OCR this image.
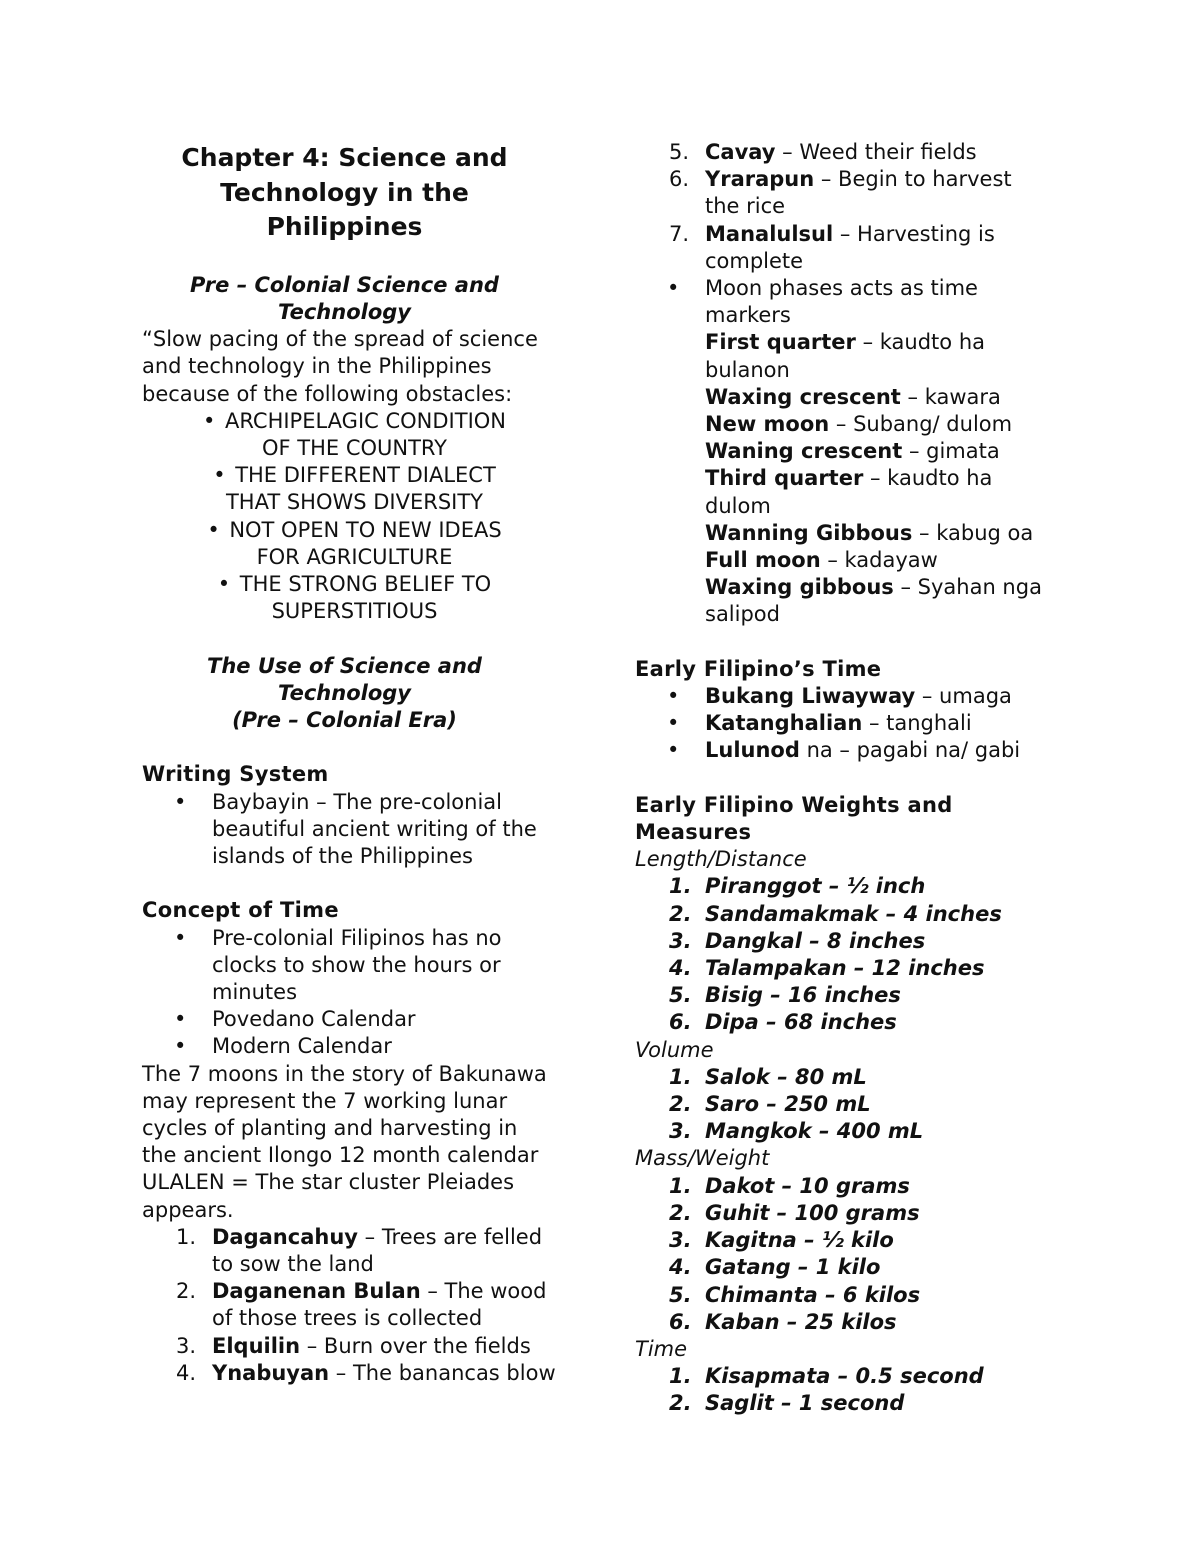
Chapter 4: Science and
Technology in the
Philippines
Pre – Colonial Science and
Technology
“Slow pacing of the spread of science
and technology in the Philippines
because of the following obstacles:
• ARCHIPELAGIC CONDITION
OF THE COUNTRY
• THE DIFFERENT DIALECT
THAT SHOWS DIVERSITY
• NOT OPEN TO NEW IDEAS
FOR AGRICULTURE
• THE STRONG BELIEF TO
SUPERSTITIOUS
The Use of Science and
Technology
(Pre – Colonial Era)
Writing System
• Baybayin – The pre-colonial
beautiful ancient writing of the
islands of the Philippines
Concept of Time
• Pre-colonial Filipinos has no
clocks to show the hours or
minutes
• Povedano Calendar
• Modern Calendar
The 7 moons in the story of Bakunawa
may represent the 7 working lunar
cycles of planting and harvesting in
the ancient Ilongo 12 month calendar
ULALEN = The star cluster Pleiades
appears.
1. Dagancahuy – Trees are felled
to sow the land
2. Daganenan Bulan – The wood
of those trees is collected
3. Elquilin – Burn over the fields
4. Ynabuyan – The banancas blow
5. Cavay – Weed their fields
6. Yrarapun – Begin to harvest
the rice
7. Manalulsul – Harvesting is
complete
• Moon phases acts as time
markers
First quarter – kaudto ha
bulanon
Waxing crescent – kawara
New moon – Subang/ dulom
Waning crescent – gimata
Third quarter – kaudto ha
dulom
Wanning Gibbous – kabug oa
Full moon – kadayaw
Waxing gibbous – Syahan nga
salipod
Early Filipino’s Time
• Bukang Liwayway – umaga
• Katanghalian – tanghali
• Lulunod na – pagabi na/ gabi
Early Filipino Weights and
Measures
Length/Distance
1. Piranggot – ½ inch
2. Sandamakmak – 4 inches
3. Dangkal – 8 inches
4. Talampakan – 12 inches
5. Bisig – 16 inches
6. Dipa – 68 inches
Volume
1. Salok – 80 mL
2. Saro – 250 mL
3. Mangkok – 400 mL
Mass/Weight
1. Dakot – 10 grams
2. Guhit – 100 grams
3. Kagitna – ½ kilo
4. Gatang – 1 kilo
5. Chimanta – 6 kilos
6. Kaban – 25 kilos
Time
1. Kisapmata – 0.5 second
2. Saglit – 1 second
